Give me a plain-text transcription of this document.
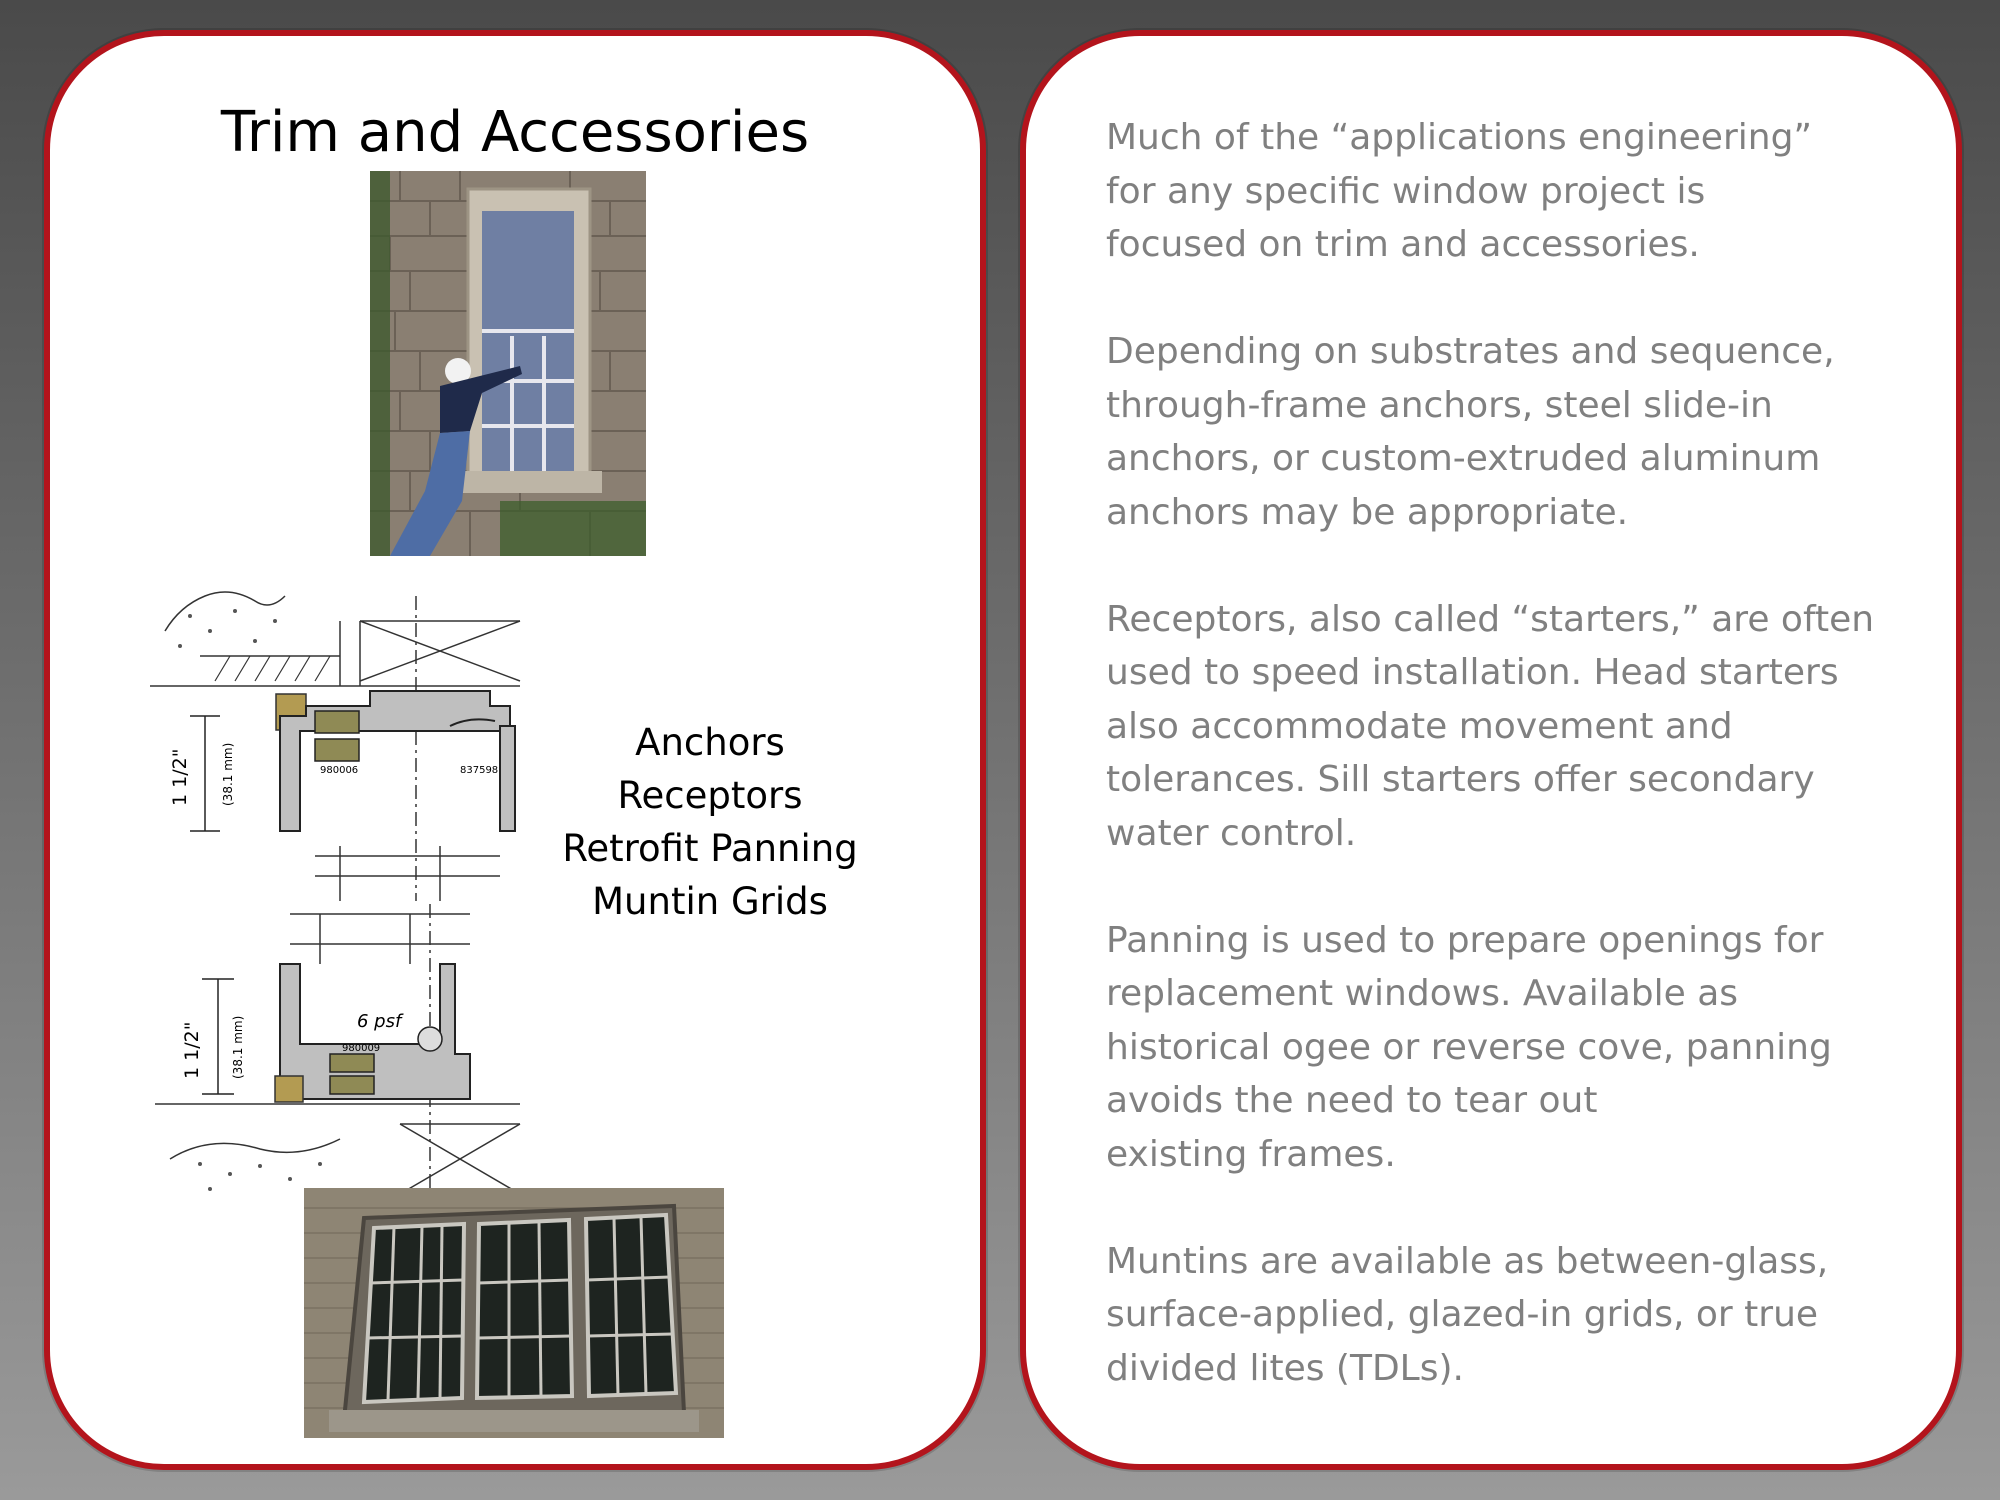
Trim and Accessories
1 1/2"	(38.1 mm)	980006	837598
1 1/2" (38.1 mm)	6 psf
980009
Anchors
Receptors
Retrofit Panning
Muntin Grids

Much of the “applications engineering”
for any specific window project is
focused on trim and accessories.

Depending on substrates and sequence,
through-frame anchors, steel slide-in
anchors, or custom-extruded aluminum
anchors may be appropriate.

Receptors, also called “starters,” are often
used to speed installation. Head starters
also accommodate movement and
tolerances. Sill starters offer secondary
water control.

Panning is used to prepare openings for
replacement windows. Available as
historical ogee or reverse cove, panning
avoids the need to tear out
existing frames.

Muntins are available as between-glass,
surface-applied, glazed-in grids, or true
divided lites (TDLs).
